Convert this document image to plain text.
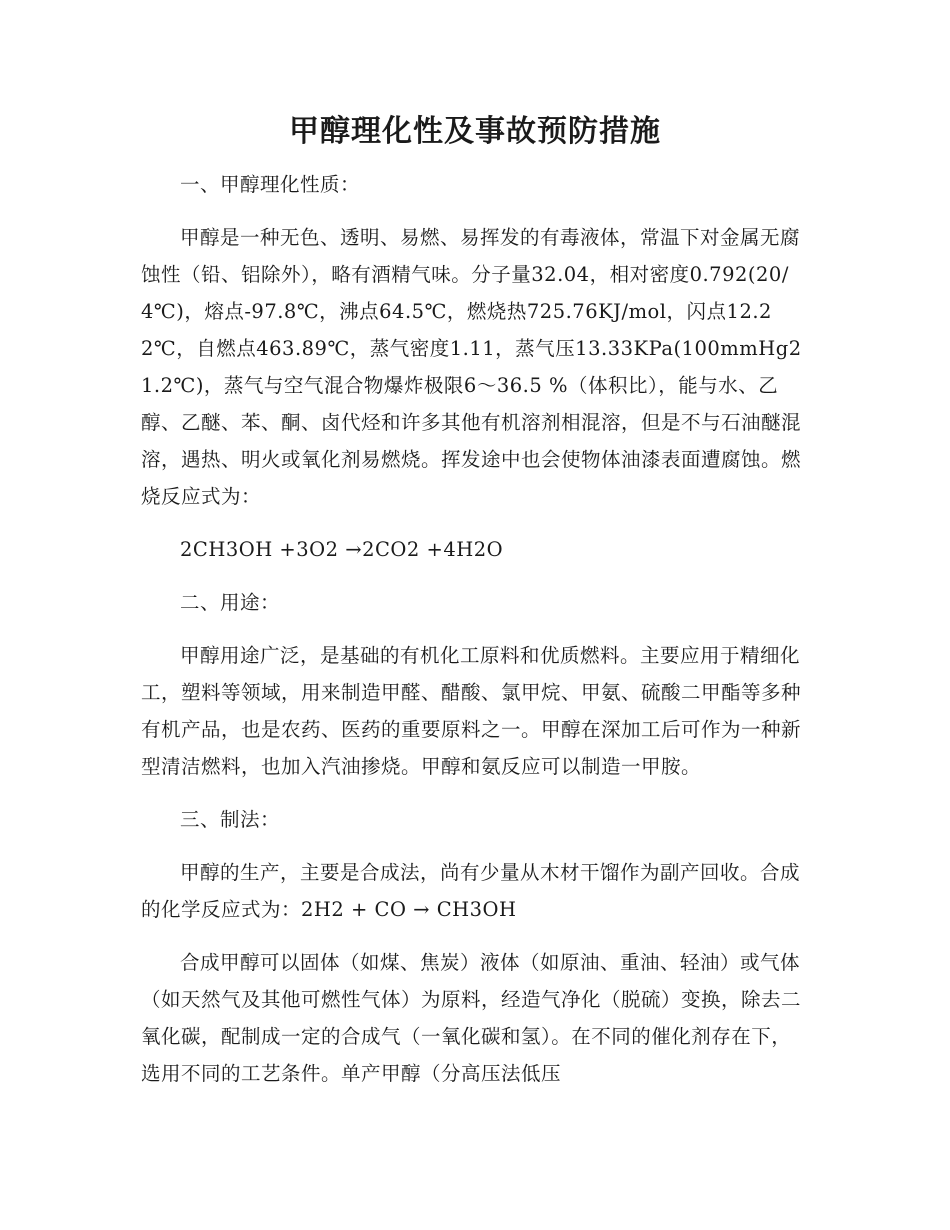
甲醇理化性及事故预防措施

一、甲醇理化性质：

甲醇是一种无色、透明、易燃、易挥发的有毒液体，常温下对金属无腐蚀性（铅、铝除外），略有酒精气味。分子量32.04，相对密度0.792(20/4℃)，熔点-97.8℃，沸点64.5℃，燃烧热725.76KJ/mol，闪点12.22℃，自燃点463.89℃，蒸气密度1.11，蒸气压13.33KPa(100mmHg21.2℃)，蒸气与空气混合物爆炸极限6～36.5 %（体积比），能与水、乙醇、乙醚、苯、酮、卤代烃和许多其他有机溶剂相混溶，但是不与石油醚混溶，遇热、明火或氧化剂易燃烧。挥发途中也会使物体油漆表面遭腐蚀。燃烧反应式为：

2CH3OH +3O2 →2CO2 +4H2O

二、用途：

甲醇用途广泛，是基础的有机化工原料和优质燃料。主要应用于精细化工，塑料等领域，用来制造甲醛、醋酸、氯甲烷、甲氨、硫酸二甲酯等多种有机产品，也是农药、医药的重要原料之一。甲醇在深加工后可作为一种新型清洁燃料，也加入汽油掺烧。甲醇和氨反应可以制造一甲胺。

三、制法：

甲醇的生产，主要是合成法，尚有少量从木材干馏作为副产回收。合成的化学反应式为：2H2 + CO → CH3OH

合成甲醇可以固体（如煤、焦炭）液体（如原油、重油、轻油）或气体（如天然气及其他可燃性气体）为原料，经造气净化（脱硫）变换，除去二氧化碳，配制成一定的合成气（一氧化碳和氢）。在不同的催化剂存在下，选用不同的工艺条件。单产甲醇（分高压法低压
